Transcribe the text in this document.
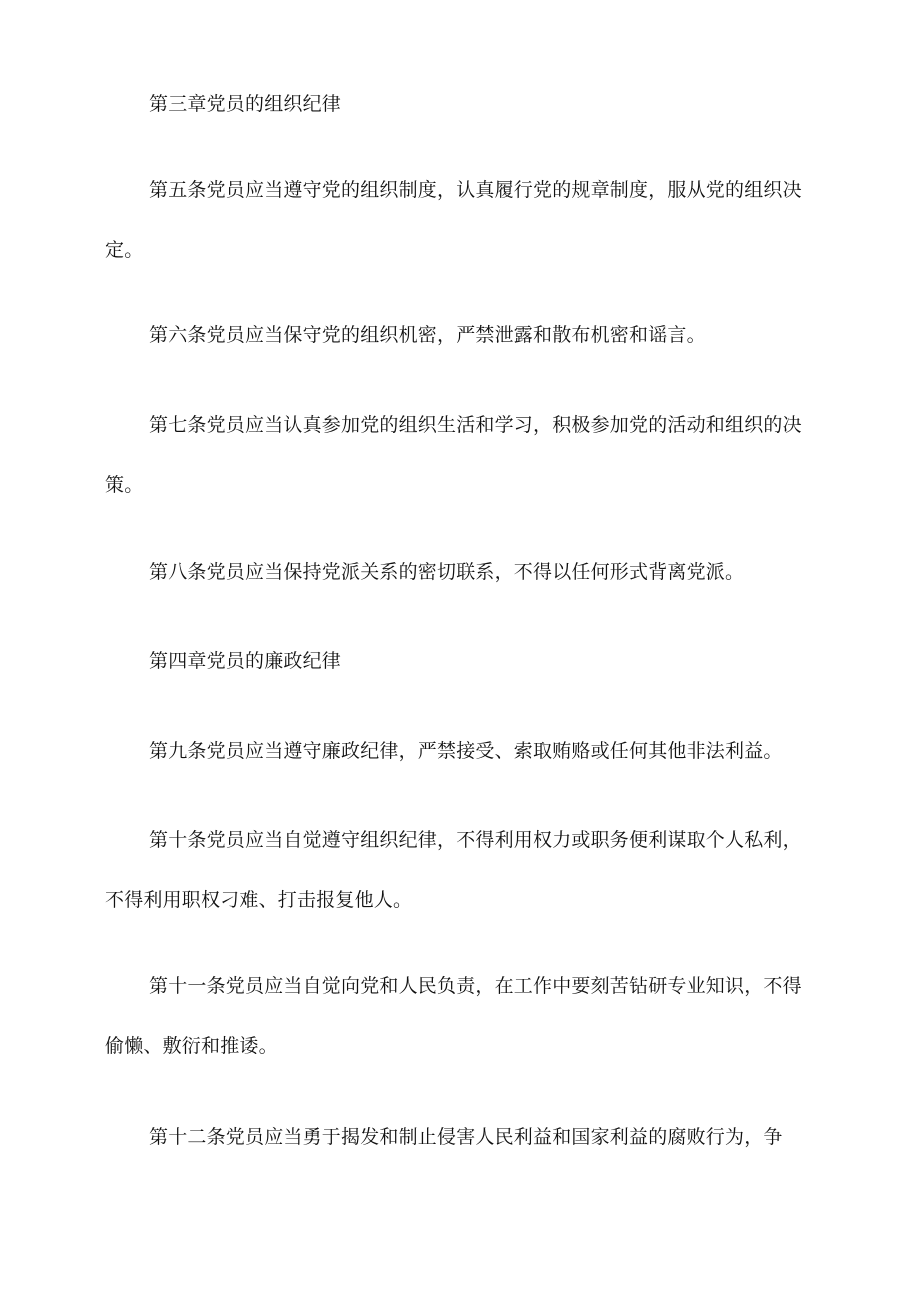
第三章党员的组织纪律

第五条党员应当遵守党的组织制度，认真履行党的规章制度，服从党的组织决定。

第六条党员应当保守党的组织机密，严禁泄露和散布机密和谣言。

第七条党员应当认真参加党的组织生活和学习，积极参加党的活动和组织的决策。

第八条党员应当保持党派关系的密切联系，不得以任何形式背离党派。

第四章党员的廉政纪律

第九条党员应当遵守廉政纪律，严禁接受、索取贿赂或任何其他非法利益。

第十条党员应当自觉遵守组织纪律，不得利用权力或职务便利谋取个人私利，不得利用职权刁难、打击报复他人。

第十一条党员应当自觉向党和人民负责，在工作中要刻苦钻研专业知识，不得偷懒、敷衍和推诿。

第十二条党员应当勇于揭发和制止侵害人民利益和国家利益的腐败行为，争
